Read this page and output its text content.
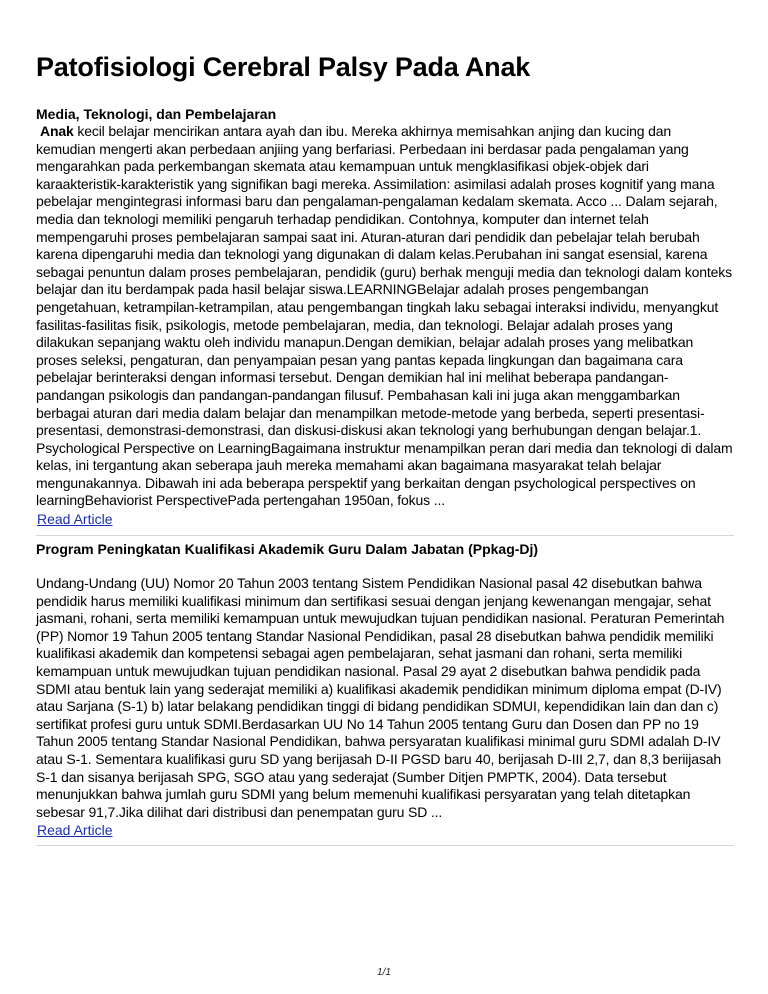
Patofisiologi Cerebral Palsy Pada Anak

Media, Teknologi, dan Pembelajaran

Anak kecil belajar mencirikan antara ayah dan ibu. Mereka akhirnya memisahkan anjing dan kucing dan kemudian mengerti akan perbedaan anjiing yang berfariasi. Perbedaan ini berdasar pada pengalaman yang mengarahkan pada perkembangan skemata atau kemampuan untuk mengklasifikasi objek-objek dari karaakteristik-karakteristik yang signifikan bagi mereka. Assimilation: asimilasi adalah proses kognitif yang mana pebelajar mengintegrasi informasi baru dan pengalaman-pengalaman kedalam skemata. Acco ... Dalam sejarah, media dan teknologi memiliki pengaruh terhadap pendidikan. Contohnya, komputer dan internet telah mempengaruhi proses pembelajaran sampai saat ini. Aturan-aturan dari pendidik dan pebelajar telah berubah karena dipengaruhi media dan teknologi yang digunakan di dalam kelas.Perubahan ini sangat esensial, karena sebagai penuntun dalam proses pembelajaran, pendidik (guru) berhak menguji media dan teknologi dalam konteks belajar dan itu berdampak pada hasil belajar siswa.LEARNINGBelajar adalah proses pengembangan pengetahuan, ketrampilan-ketrampilan, atau pengembangan tingkah laku sebagai interaksi individu, menyangkut fasilitas-fasilitas fisik, psikologis, metode pembelajaran, media, dan teknologi. Belajar adalah proses yang dilakukan sepanjang waktu oleh individu manapun.Dengan demikian, belajar adalah proses yang melibatkan proses seleksi, pengaturan, dan penyampaian pesan yang pantas kepada lingkungan dan bagaimana cara pebelajar berinteraksi dengan informasi tersebut. Dengan demikian hal ini melihat beberapa pandangan-pandangan psikologis dan pandangan-pandangan filusuf. Pembahasan kali ini juga akan menggambarkan berbagai aturan dari media dalam belajar dan menampilkan metode-metode yang berbeda, seperti presentasi-presentasi, demonstrasi-demonstrasi, dan diskusi-diskusi akan teknologi yang berhubungan dengan belajar.1. Psychological Perspective on LearningBagaimana instruktur menampilkan peran dari media dan teknologi di dalam kelas, ini tergantung akan seberapa jauh mereka memahami akan bagaimana masyarakat telah belajar mengunakannya. Dibawah ini ada beberapa perspektif yang berkaitan dengan psychological perspectives on learningBehaviorist PerspectivePada pertengahan 1950an, fokus ...

Read Article

Program Peningkatan Kualifikasi Akademik Guru Dalam Jabatan (Ppkag-Dj)

Undang-Undang (UU) Nomor 20 Tahun 2003 tentang Sistem Pendidikan Nasional pasal 42 disebutkan bahwa pendidik harus memiliki kualifikasi minimum dan sertifikasi sesuai dengan jenjang kewenangan mengajar, sehat jasmani, rohani, serta memiliki kemampuan untuk mewujudkan tujuan pendidikan nasional. Peraturan Pemerintah (PP) Nomor 19 Tahun 2005 tentang Standar Nasional Pendidikan, pasal 28 disebutkan bahwa pendidik memiliki kualifikasi akademik dan kompetensi sebagai agen pembelajaran, sehat jasmani dan rohani, serta memiliki kemampuan untuk mewujudkan tujuan pendidikan nasional. Pasal 29 ayat 2 disebutkan bahwa pendidik pada SDMI atau bentuk lain yang sederajat memiliki a) kualifikasi akademik pendidikan minimum diploma empat (D-IV) atau Sarjana (S-1) b) latar belakang pendidikan tinggi di bidang pendidikan SDMUI, kependidikan lain dan dan c) sertifikat profesi guru untuk SDMI.Berdasarkan UU No 14 Tahun 2005 tentang Guru dan Dosen dan PP no 19 Tahun 2005 tentang Standar Nasional Pendidikan, bahwa persyaratan kualifikasi minimal guru SDMI adalah D-IV atau S-1. Sementara kualifikasi guru SD yang berijasah D-II PGSD baru 40, berijasah D-III 2,7, dan 8,3 beriijasah S-1 dan sisanya berijasah SPG, SGO atau yang sederajat (Sumber Ditjen PMPTK, 2004). Data tersebut menunjukkan bahwa jumlah guru SDMI yang belum memenuhi kualifikasi persyaratan yang telah ditetapkan sebesar 91,7.Jika dilihat dari distribusi dan penempatan guru SD ...

Read Article
1/1
